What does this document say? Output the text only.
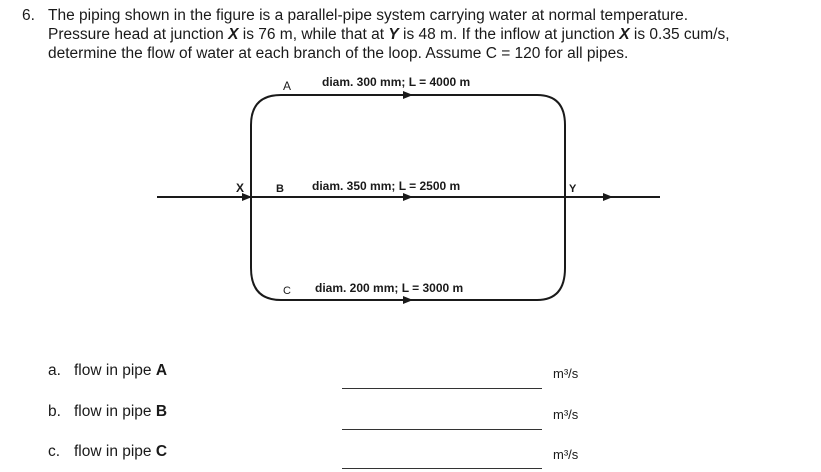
6. The piping shown in the figure is a parallel-pipe system carrying water at normal temperature.
Pressure head at junction X is 76 m, while that at Y is 48 m. If the inflow at junction X is 0.35 cum/s,
determine the flow of water at each branch of the loop. Assume C = 120 for all pipes.
A	diam. 300 mm; L = 4000 m
X	B diam. 350 mm; L = 2500 m	Y
C diam. 200 mm; L = 3000 m
a. flow in pipe A	m³/s
b. flow in pipe B	m³/s
c. flow in pipe C	m³/s
